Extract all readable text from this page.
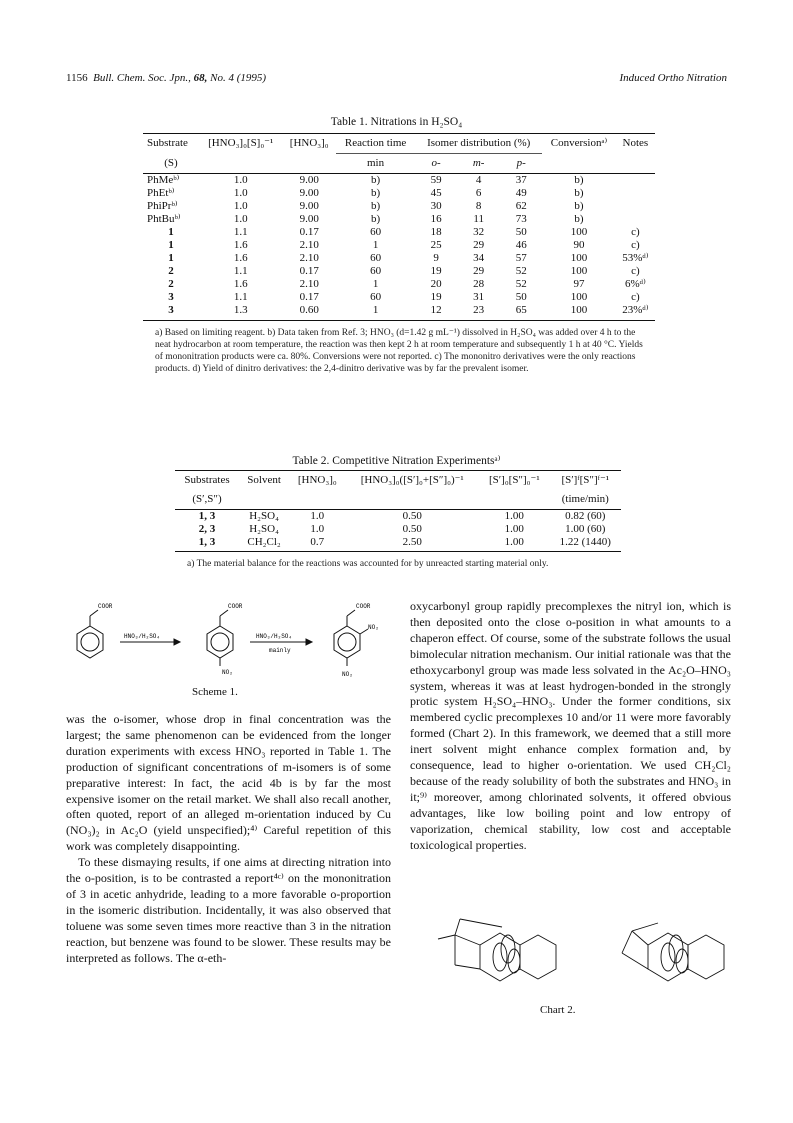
1156 Bull. Chem. Soc. Jpn., 68, No. 4 (1995)	Induced Ortho Nitration
Table 1. Nitrations in H₂SO₄
Substrate	[HNO₃]₀[S]₀⁻¹	[HNO₃]₀	Reaction time	Isomer distribution (%)			Conversionᵃ⁾	Notes
(S)			min	o-	m-	p-		
PhMeᵇ⁾	1.0	9.00	b)	59	4	37	b)	
PhEtᵇ⁾	1.0	9.00	b)	45	6	49	b)	
PhiPrᵇ⁾	1.0	9.00	b)	30	8	62	b)	
PhtBuᵇ⁾	1.0	9.00	b)	16	11	73	b)	
1	1.1	0.17	60	18	32	50	100	c)
1	1.6	2.10	1	25	29	46	90	c)
1	1.6	2.10	60	9	34	57	100	53%ᵈ⁾
2	1.1	0.17	60	19	29	52	100	c)
2	1.6	2.10	1	20	28	52	97	6%ᵈ⁾
3	1.1	0.17	60	19	31	50	100	c)
3	1.3	0.60	1	12	23	65	100	23%ᵈ⁾
a) Based on limiting reagent. b) Data taken from Ref. 3; HNO₃ (d=1.42 g mL⁻¹) dissolved in H₂SO₄ was added over 4 h to the neat hydrocarbon at room temperature, the reaction was then kept 2 h at room temperature and subsequently 1 h at 40 °C. Yields of mononitration products were ca. 80%. Conversions were not reported. c) The mononitro derivatives were the only reactions products. d) Yield of dinitro derivatives: the 2,4-dinitro derivative was by far the prevalent isomer.
Table 2. Competitive Nitration Experimentsᵃ⁾
Substrates	Solvent	[HNO₃]₀	[HNO₃]₀([S′]₀+[S″]₀)⁻¹	[S′]₀[S″]₀⁻¹	[S′]ᶠ[S″]ᶠ⁻¹
(S′,S″)					(time/min)
1, 3	H₂SO₄	1.0	0.50	1.00	0.82 (60)
2, 3	H₂SO₄	1.0	0.50	1.00	1.00 (60)
1, 3	CH₂Cl₂	0.7	2.50	1.00	1.22 (1440)
a) The material balance for the reactions was accounted for by unreacted starting material only.
COOR
HNO₃/H₂SO₄
COOR
NO₂
HNO₃/H₂SO₄
mainly
COOR
NO₂
NO₂
Scheme 1.

was the o-isomer, whose drop in final concentration was the largest; the same phenomenon can be evidenced from the longer duration experiments with excess HNO₃ reported in Table 1. The production of significant concentrations of m-isomers is of some preparative interest: In fact, the acid 4b is by far the most expensive isomer on the retail market. We shall also recall another, often quoted, report of an alleged m-orientation induced by Cu (NO₃)₂ in Ac₂O (yield unspecified);⁴⁾ Careful repetition of this work was completely disappointing.

To these dismaying results, if one aims at directing nitration into the o-position, is to be contrasted a report⁴ᶜ⁾ on the mononitration of 3 in acetic anhydride, leading to a more favorable o-proportion in the isomeric distribution. Incidentally, it was also observed that toluene was some seven times more reactive than 3 in the nitration reaction, but benzene was found to be slower. These results may be interpreted as follows. The α-eth-

oxycarbonyl group rapidly precomplexes the nitryl ion, which is then deposited onto the close o-position in what amounts to a chaperon effect. Of course, some of the substrate follows the usual bimolecular nitration mechanism. Our initial rationale was that the ethoxycarbonyl group was made less solvated in the Ac₂O–HNO₃ system, whereas it was at least hydrogen-bonded in the strongly protic system H₂SO₄–HNO₃. Under the former conditions, six membered cyclic precomplexes 10 and/or 11 were more favorably formed (Chart 2). In this framework, we deemed that a still more inert solvent might enhance complex formation and, by consequence, lead to higher o-orientation. We used CH₂Cl₂ because of the ready solubility of both the substrates and HNO₃ in it;⁹⁾ moreover, among chlorinated solvents, it offered obvious advantages, like low boiling point and low entropy of vaporization, chemical stability, low cost and acceptable toxicological properties.

Chart 2.
